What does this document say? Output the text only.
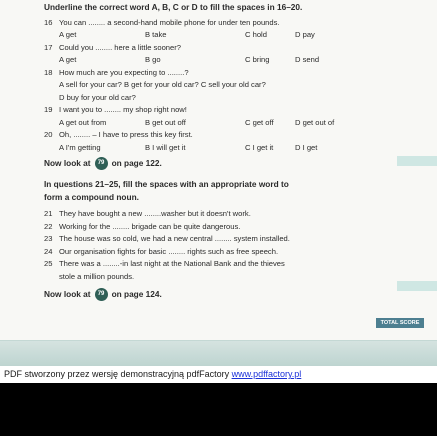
TOTAL SCORE
Underline the correct word A, B, C or D to fill the spaces in 16–20.
16 You can ........ a second-hand mobile phone for under ten pounds.
A get	B take	C hold	D pay
17 Could you ........ here a little sooner?
A get	B go	C bring	D send
18 How much are you expecting to ........?
A sell for your car? B get for your old car? C sell your old car?
D buy for your old car?
19 I want you to ........ my shop right now!
A get out from	B get out off	C get off	D get out of
20 Oh, ........ – I have to press this key first.
A I'm getting	B I will get it	C I get it	D I get
Now look at	79 on page 122.
In questions 21–25, fill the spaces with an appropriate word to
form a compound noun.
21 They have bought a new ........washer but it doesn't work.
22 Working for the ........ brigade can be quite dangerous.
23 The house was so cold, we had a new central ........ system installed.
24 Our organisation fights for basic ........ rights such as free speech.
25 There was a ........-in last night at the National Bank and the thieves
stole a million pounds.
Now look at	79 on page 124.
PDF stworzony przez wersję demonstracyjną pdfFactory www.pdffactory.pl
